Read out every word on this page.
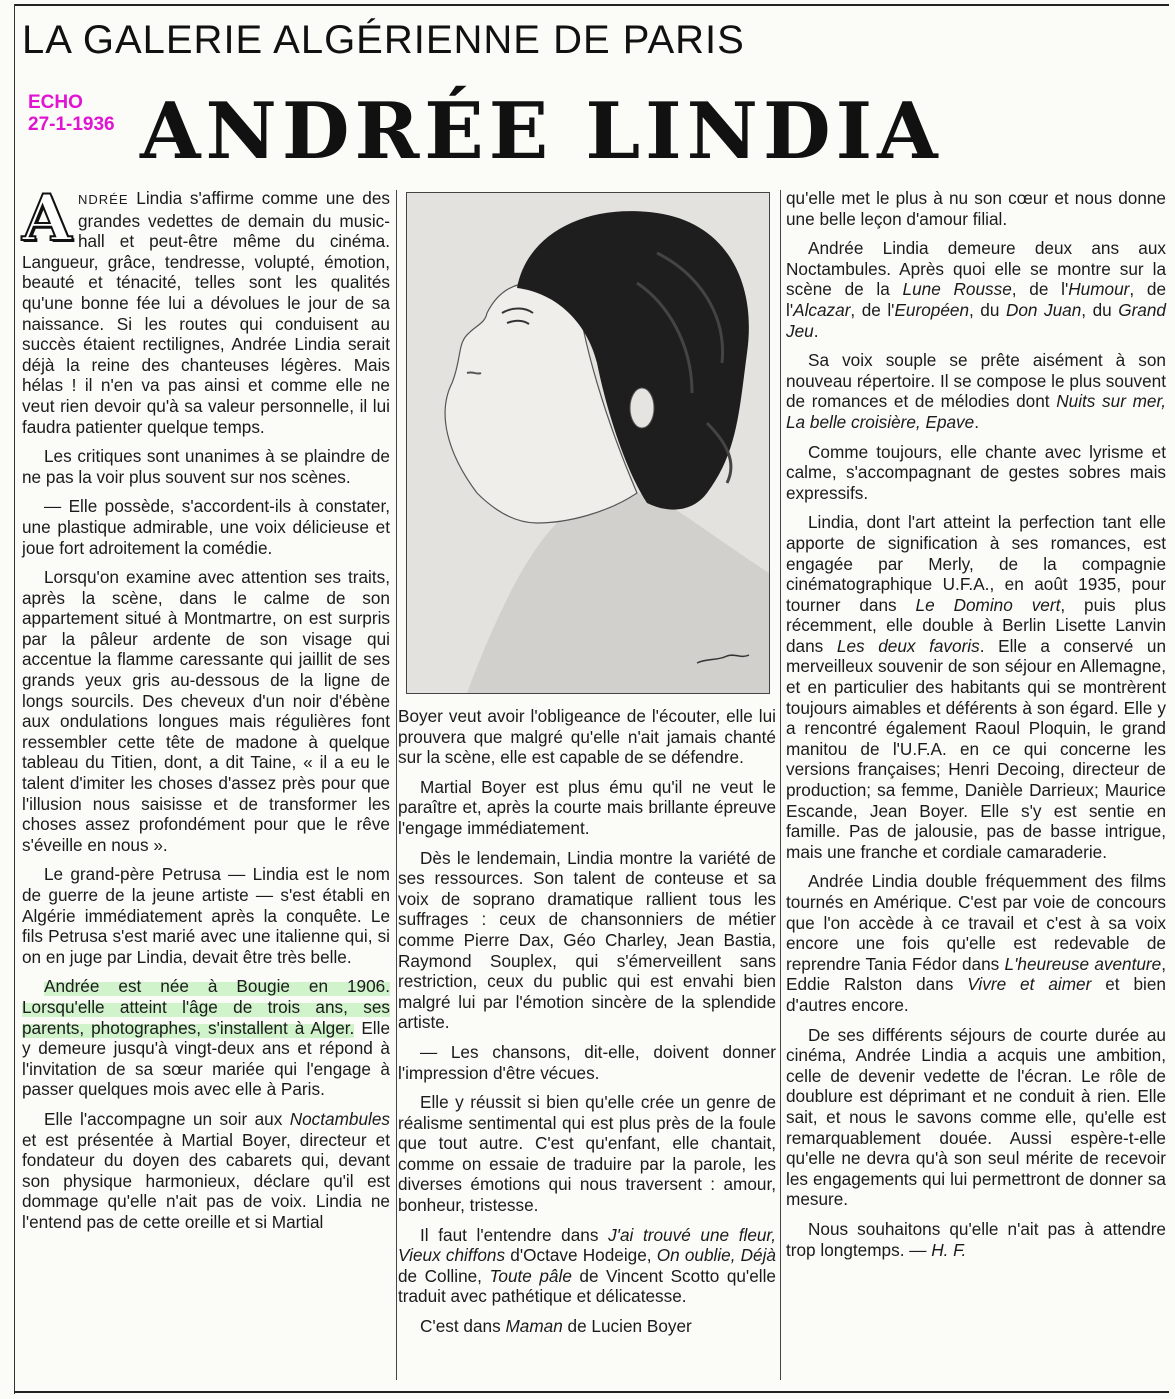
LA GALERIE ALGÉRIENNE DE PARIS
ECHO
27-1-1936 ANDRÉE LINDIA

ANDRÉE Lindia s'affirme comme une des grandes vedettes de demain du music-hall et peut-être même du cinéma. Langueur, grâce, tendresse, volupté, émotion, beauté et ténacité, telles sont les qualités qu'une bonne fée lui a dévolues le jour de sa naissance. Si les routes qui conduisent au succès étaient rectilignes, Andrée Lindia serait déjà la reine des chanteuses légères. Mais hélas ! il n'en va pas ainsi et comme elle ne veut rien devoir qu'à sa valeur personnelle, il lui faudra patienter quelque temps.

Les critiques sont unanimes à se plaindre de ne pas la voir plus souvent sur nos scènes.

— Elle possède, s'accordent-ils à constater, une plastique admirable, une voix délicieuse et joue fort adroitement la comédie.

Lorsqu'on examine avec attention ses traits, après la scène, dans le calme de son appartement situé à Montmartre, on est surpris par la pâleur ardente de son visage qui accentue la flamme caressante qui jaillit de ses grands yeux gris au-dessous de la ligne de longs sourcils. Des cheveux d'un noir d'ébène aux ondulations longues mais régulières font ressembler cette tête de madone à quelque tableau du Titien, dont, a dit Taine, « il a eu le talent d'imiter les choses d'assez près pour que l'illusion nous saisisse et de transformer les choses assez profondément pour que le rêve s'éveille en nous ».

Le grand-père Petrusa — Lindia est le nom de guerre de la jeune artiste — s'est établi en Algérie immédiatement après la conquête. Le fils Petrusa s'est marié avec une italienne qui, si on en juge par Lindia, devait être très belle.

Andrée est née à Bougie en 1906. Lorsqu'elle atteint l'âge de trois ans, ses parents, photographes, s'installent à Alger. Elle y demeure jusqu'à vingt-deux ans et répond à l'invitation de sa sœur mariée qui l'engage à passer quelques mois avec elle à Paris.

Elle l'accompagne un soir aux Noctambules et est présentée à Martial Boyer, directeur et fondateur du doyen des cabarets qui, devant son physique harmonieux, déclare qu'il est dommage qu'elle n'ait pas de voix. Lindia ne l'entend pas de cette oreille et si Martial

Boyer veut avoir l'obligeance de l'écouter, elle lui prouvera que malgré qu'elle n'ait jamais chanté sur la scène, elle est capable de se défendre.

Martial Boyer est plus ému qu'il ne veut le paraître et, après la courte mais brillante épreuve l'engage immédiatement.

Dès le lendemain, Lindia montre la variété de ses ressources. Son talent de conteuse et sa voix de soprano dramatique rallient tous les suffrages : ceux de chansonniers de métier comme Pierre Dax, Géo Charley, Jean Bastia, Raymond Souplex, qui s'émerveillent sans restriction, ceux du public qui est envahi bien malgré lui par l'émotion sincère de la splendide artiste.

— Les chansons, dit-elle, doivent donner l'impression d'être vécues.

Elle y réussit si bien qu'elle crée un genre de réalisme sentimental qui est plus près de la foule que tout autre. C'est qu'enfant, elle chantait, comme on essaie de traduire par la parole, les diverses émotions qui nous traversent : amour, bonheur, tristesse.

Il faut l'entendre dans J'ai trouvé une fleur, Vieux chiffons d'Octave Hodeige, On oublie, Déjà de Colline, Toute pâle de Vincent Scotto qu'elle traduit avec pathétique et délicatesse.

C'est dans Maman de Lucien Boyer

qu'elle met le plus à nu son cœur et nous donne une belle leçon d'amour filial.

Andrée Lindia demeure deux ans aux Noctambules. Après quoi elle se montre sur la scène de la Lune Rousse, de l'Humour, de l'Alcazar, de l'Européen, du Don Juan, du Grand Jeu.

Sa voix souple se prête aisément à son nouveau répertoire. Il se compose le plus souvent de romances et de mélodies dont Nuits sur mer, La belle croisière, Epave.

Comme toujours, elle chante avec lyrisme et calme, s'accompagnant de gestes sobres mais expressifs.

Lindia, dont l'art atteint la perfection tant elle apporte de signification à ses romances, est engagée par Merly, de la compagnie cinématographique U.F.A., en août 1935, pour tourner dans Le Domino vert, puis plus récemment, elle double à Berlin Lisette Lanvin dans Les deux favoris. Elle a conservé un merveilleux souvenir de son séjour en Allemagne, et en particulier des habitants qui se montrèrent toujours aimables et déférents à son égard. Elle y a rencontré également Raoul Ploquin, le grand manitou de l'U.F.A. en ce qui concerne les versions françaises; Henri Decoing, directeur de production; sa femme, Danièle Darrieux; Maurice Escande, Jean Boyer. Elle s'y est sentie en famille. Pas de jalousie, pas de basse intrigue, mais une franche et cordiale camaraderie.

Andrée Lindia double fréquemment des films tournés en Amérique. C'est par voie de concours que l'on accède à ce travail et c'est à sa voix encore une fois qu'elle est redevable de reprendre Tania Fédor dans L'heureuse aventure, Eddie Ralston dans Vivre et aimer et bien d'autres encore.

De ses différents séjours de courte durée au cinéma, Andrée Lindia a acquis une ambition, celle de devenir vedette de l'écran. Le rôle de doublure est déprimant et ne conduit à rien. Elle sait, et nous le savons comme elle, qu'elle est remarquablement douée. Aussi espère-t-elle qu'elle ne devra qu'à son seul mérite de recevoir les engagements qui lui permettront de donner sa mesure.

Nous souhaitons qu'elle n'ait pas à attendre trop longtemps. — H. F.
